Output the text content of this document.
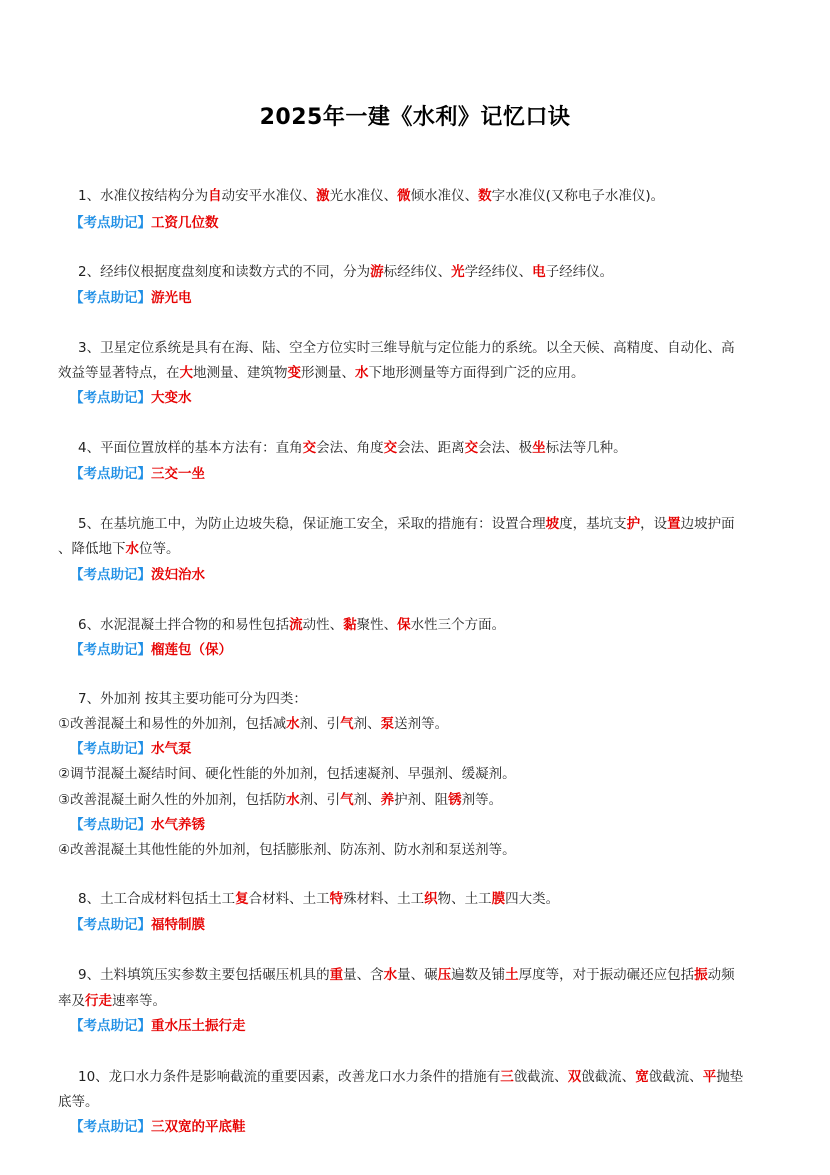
2025年一建《水利》记忆口诀
1、水准仪按结构分为自动安平水准仪、激光水准仪、微倾水准仪、数字水准仪(又称电子水准仪)。
【考点助记】工资几位数
2、经纬仪根据度盘刻度和读数方式的不同，分为游标经纬仪、光学经纬仪、电子经纬仪。
【考点助记】游光电
3、卫星定位系统是具有在海、陆、空全方位实时三维导航与定位能力的系统。以全天候、高精度、自动化、高
效益等显著特点，在大地测量、建筑物变形测量、水下地形测量等方面得到广泛的应用。
【考点助记】大变水
4、平面位置放样的基本方法有：直角交会法、角度交会法、距离交会法、极坐标法等几种。
【考点助记】三交一坐
5、在基坑施工中，为防止边坡失稳，保证施工安全，采取的措施有：设置合理坡度，基坑支护，设置边坡护面
、降低地下水位等。
【考点助记】泼妇治水
6、水泥混凝土拌合物的和易性包括流动性、黏聚性、保水性三个方面。
【考点助记】榴莲包（保）
7、外加剂 按其主要功能可分为四类：
①改善混凝土和易性的外加剂，包括减水剂、引气剂、泵送剂等。
【考点助记】水气泵
②调节混凝土凝结时间、硬化性能的外加剂，包括速凝剂、早强剂、缓凝剂。
③改善混凝土耐久性的外加剂，包括防水剂、引气剂、养护剂、阻锈剂等。
【考点助记】水气养锈
④改善混凝土其他性能的外加剂，包括膨胀剂、防冻剂、防水剂和泵送剂等。
8、土工合成材料包括土工复合材料、土工特殊材料、土工织物、土工膜四大类。
【考点助记】福特制膜
9、土料填筑压实参数主要包括碾压机具的重量、含水量、碾压遍数及铺土厚度等，对于振动碾还应包括振动频
率及行走速率等。
【考点助记】重水压土振行走
10、龙口水力条件是影响截流的重要因素，改善龙口水力条件的措施有三戗截流、双戗截流、宽戗截流、平抛垫
底等。
【考点助记】三双宽的平底鞋
